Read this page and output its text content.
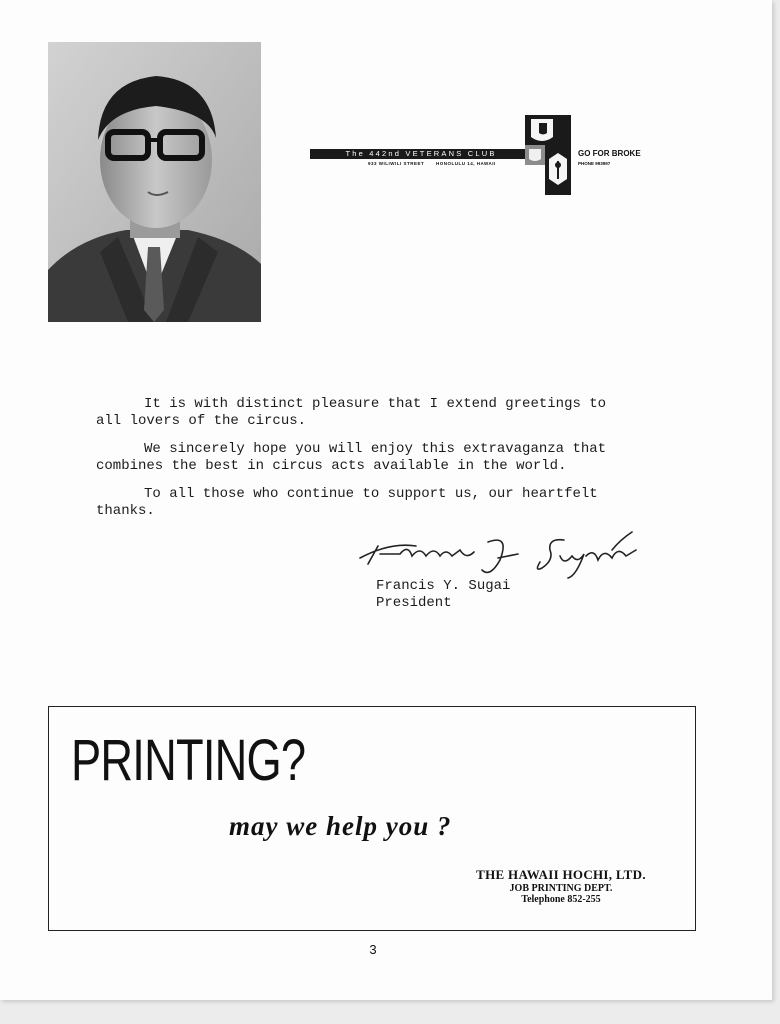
The 442nd VETERANS CLUB
933 WILIWILI STREET	HONOLULU 14, HAWAII
GO FOR BROKE
PHONE 993997

It is with distinct pleasure that I extend greetings to
all lovers of the circus.

We sincerely hope you will enjoy this extravaganza that
combines the best in circus acts available in the world.

To all those who continue to support us, our heartfelt
thanks.

Francis Y. Sugai
President
PRINTING?
may we help you ?
THE HAWAII HOCHI, LTD.
JOB PRINTING DEPT.
Telephone 852-255
3
